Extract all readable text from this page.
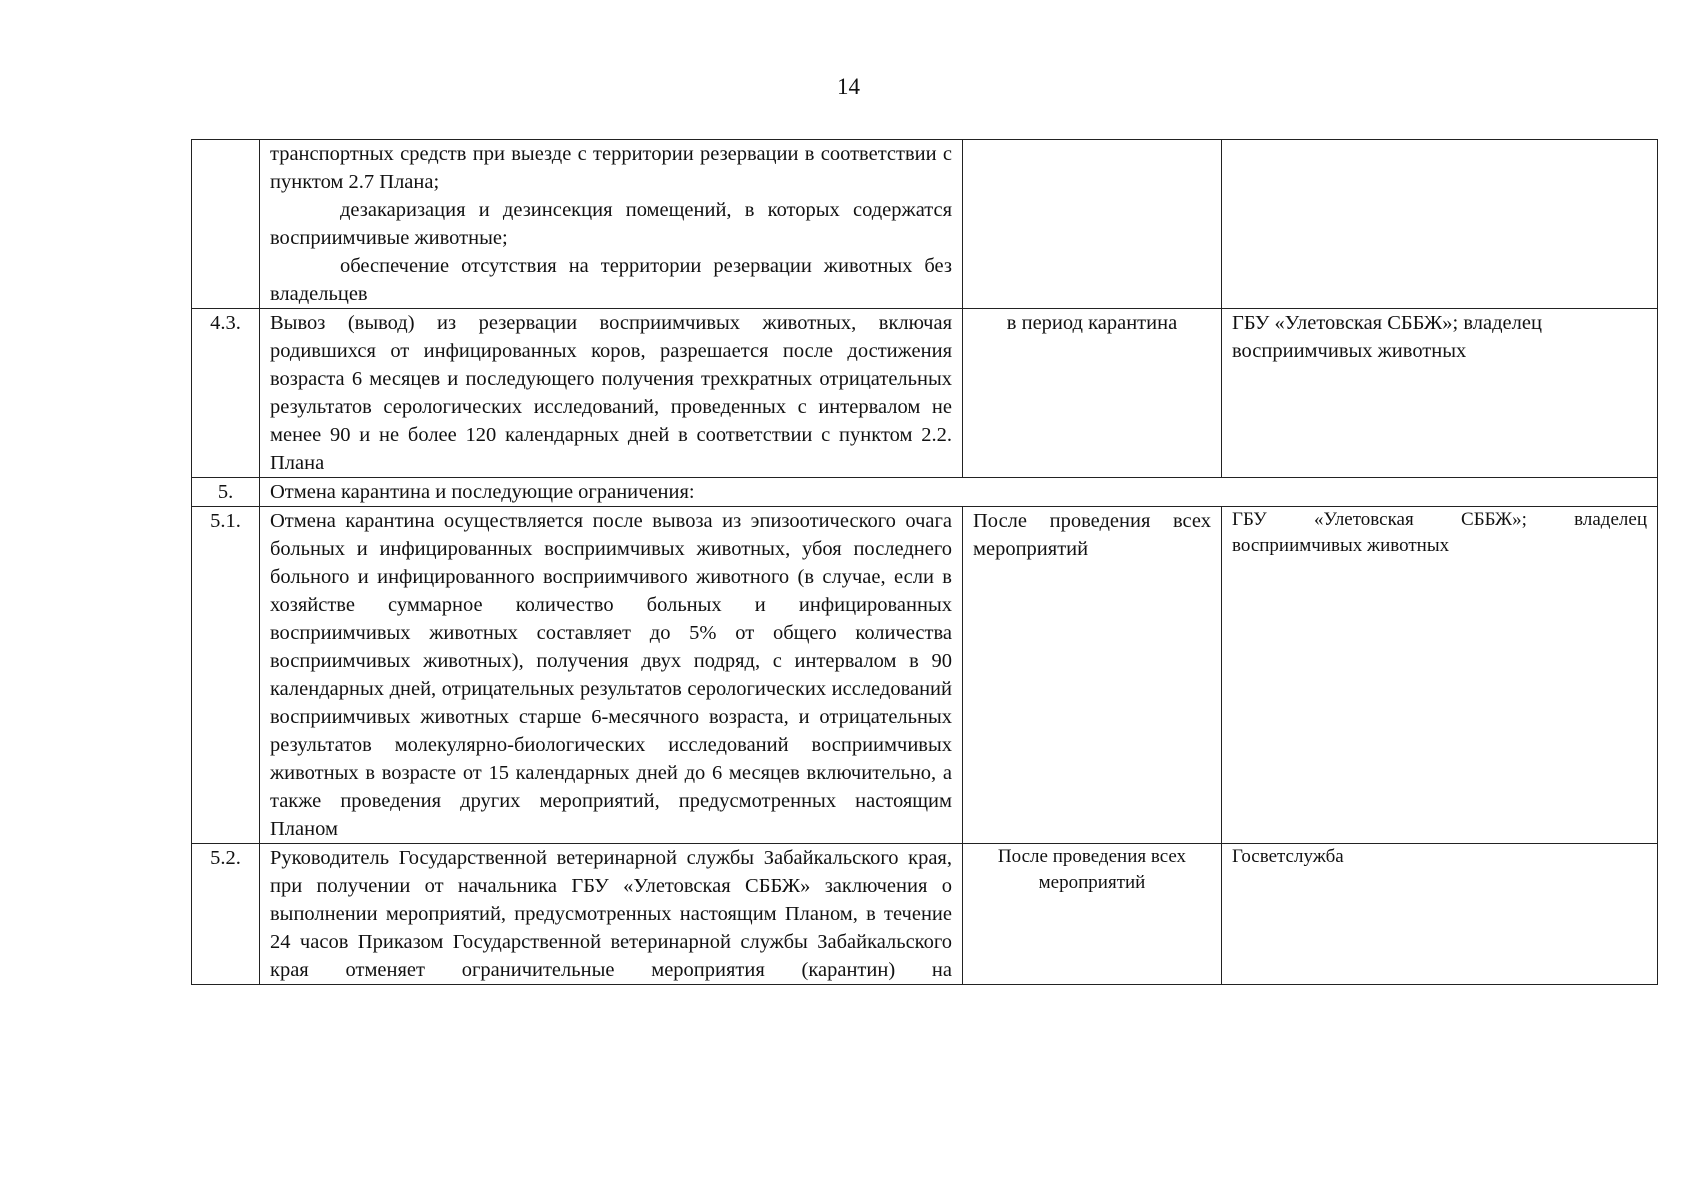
14

	транспортных средств при выезде с территории резервации в соответствии с пунктом 2.7 Плана;

дезакаризация и дезинсекция помещений, в которых содержатся восприимчивые животные;

обеспечение отсутствия на территории резервации животных без владельцев		

4.3.	Вывоз (вывод) из резервации восприимчивых животных, включая родившихся от инфицированных коров, разрешается после достижения возраста 6 месяцев и последующего получения трехкратных отрицательных результатов серологических исследований, проведенных с интервалом не менее 90 и не более 120 календарных дней в соответствии с пунктом 2.2. Плана	в период карантина	ГБУ «Улетовская СББЖ»; владелец восприимчивых животных
5.	Отмена карантина и последующие ограничения:		
5.1.	Отмена карантина осуществляется после вывоза из эпизоотического очага больных и инфицированных восприимчивых животных, убоя последнего больного и инфицированного восприимчивого животного (в случае, если в хозяйстве суммарное количество больных и инфицированных восприимчивых животных составляет до 5% от общего количества восприимчивых животных), получения двух подряд, с интервалом в 90 календарных дней, отрицательных результатов серологических исследований восприимчивых животных старше 6-месячного возраста, и отрицательных результатов молекулярно-биологических исследований восприимчивых животных в возрасте от 15 календарных дней до 6 месяцев включительно, а также проведения других мероприятий, предусмотренных настоящим Планом	После проведения всех мероприятий	ГБУ «Улетовская СББЖ»; владелец восприимчивых животных
5.2.	Руководитель Государственной ветеринарной службы Забайкальского края, при получении от начальника ГБУ «Улетовская СББЖ» заключения о выполнении мероприятий, предусмотренных настоящим Планом, в течение 24 часов Приказом Государственной ветеринарной службы Забайкальского края отменяет ограничительные мероприятия (карантин) на	После проведения всех мероприятий	Госветслужба
